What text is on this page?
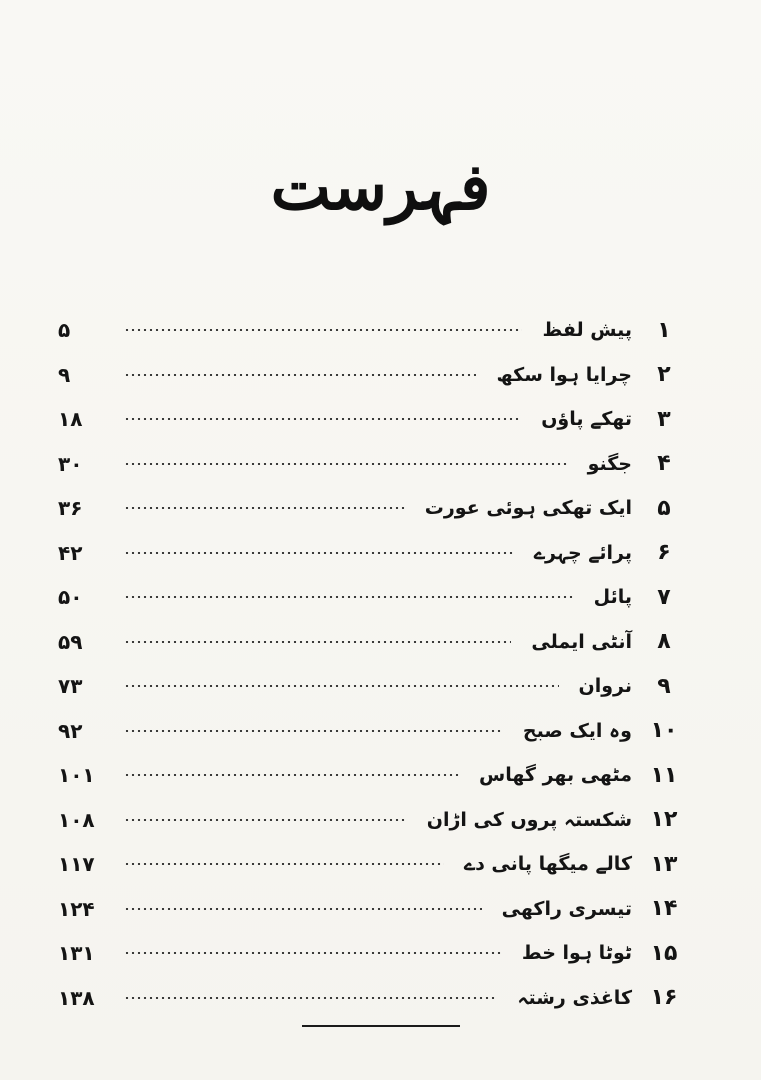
فہرست
۱
پیش لفظ
۵
۲
چرایا ہوا سکھ
۹
۳
تھکے پاؤں
۱۸
۴
جگنو
۳۰
۵
ایک تھکی ہوئی عورت
۳۶
۶
پرائے چہرے
۴۲
۷
پائل
۵۰
۸
آنٹی ایملی
۵۹
۹
نروان
۷۳
۱۰
وہ ایک صبح
۹۲
۱۱
مٹھی بھر گھاس
۱۰۱
۱۲
شکستہ پروں کی اڑان
۱۰۸
۱۳
کالے میگھا پانی دے
۱۱۷
۱۴
تیسری راکھی
۱۲۴
۱۵
ٹوٹا ہوا خط
۱۳۱
۱۶
کاغذی رشتہ
۱۳۸
